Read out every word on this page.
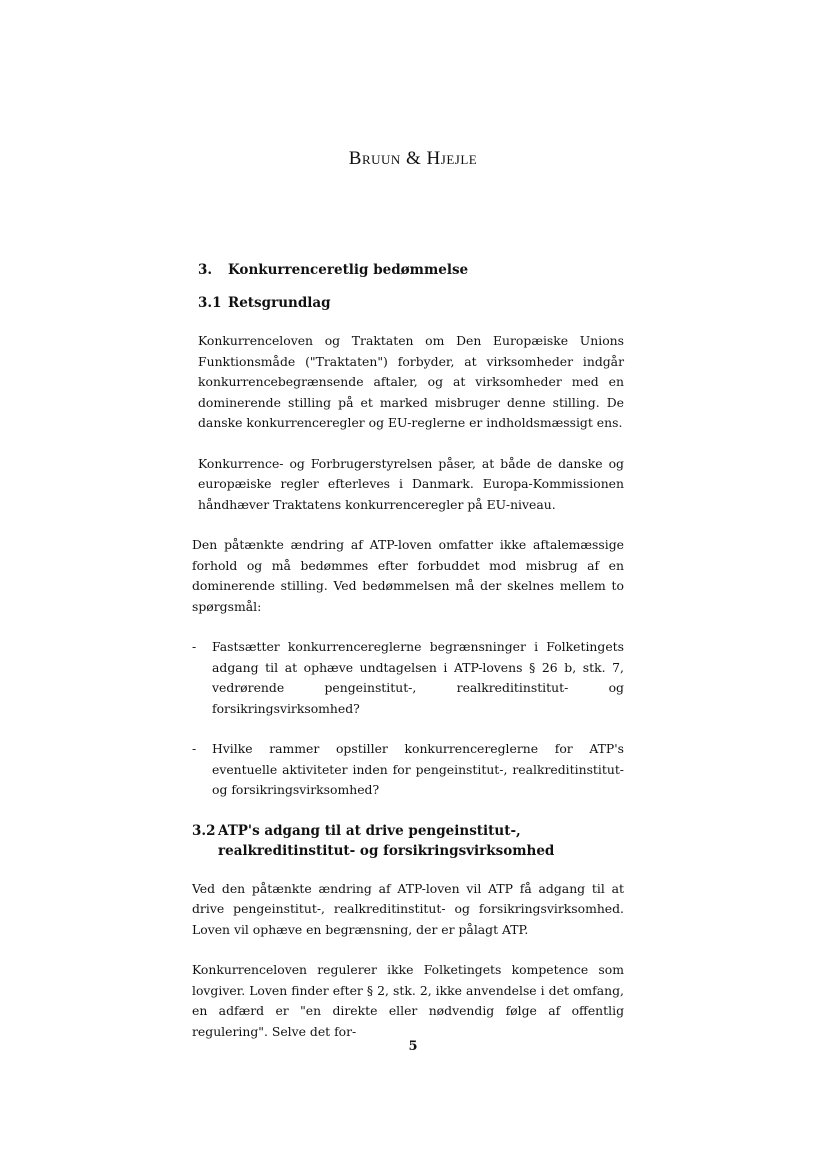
Bruun & Hjejle
3.	Konkurrenceretlig bedømmelse
3.1 Retsgrundlag

Konkurrenceloven og Traktaten om Den Europæiske Unions Funktionsmåde ("Traktaten") forbyder, at virksomheder indgår konkurrencebegrænsende aftaler, og at virksomheder med en dominerende stilling på et marked misbruger denne stilling. De danske konkurrenceregler og EU-reglerne er indholdsmæssigt ens.

Konkurrence- og Forbrugerstyrelsen påser, at både de danske og europæiske regler efterleves i Danmark. Europa-Kommissionen håndhæver Traktatens konkurrenceregler på EU-niveau.

Den påtænkte ændring af ATP-loven omfatter ikke aftalemæssige forhold og må bedømmes efter forbuddet mod misbrug af en dominerende stilling. Ved bedømmelsen må der skelnes mellem to spørgsmål:

-	Fastsætter konkurrencereglerne begrænsninger i Folketingets adgang til at ophæve undtagelsen i ATP-lovens § 26 b, stk. 7, vedrørende pengeinstitut-, realkreditinstitut- og forsikringsvirksomhed?
-	Hvilke rammer opstiller konkurrencereglerne for ATP's eventuelle aktiviteter inden for pengeinstitut-, realkreditinstitut- og forsikringsvirksomhed?
3.2 ATP's adgang til at drive pengeinstitut-, realkreditinstitut- og forsikringsvirksomhed

Ved den påtænkte ændring af ATP-loven vil ATP få adgang til at drive pengeinstitut-, realkreditinstitut- og forsikringsvirksomhed. Loven vil ophæve en begrænsning, der er pålagt ATP.

Konkurrenceloven regulerer ikke Folketingets kompetence som lovgiver. Loven finder efter § 2, stk. 2, ikke anvendelse i det omfang, en adfærd er "en direkte eller nødvendig følge af offentlig regulering". Selve det for-

5
